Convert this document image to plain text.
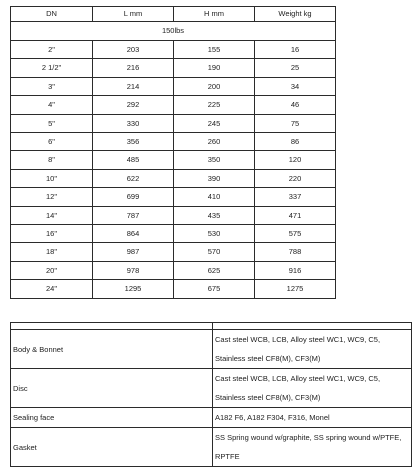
DN	L mm	H mm	Weight kg
150lbs			
2"	203	155	16
2 1/2"	216	190	25
3"	214	200	34
4"	292	225	46
5"	330	245	75
6"	356	260	86
8"	485	350	120
10"	622	390	220
12"	699	410	337
14"	787	435	471
16"	864	530	575
18"	987	570	788
20"	978	625	916
24"	1295	675	1275

Body & Bonnet	Cast steel WCB, LCB, Alloy steel WC1, WC9, C5, Stainless steel CF8(M), CF3(M)
Disc	Cast steel WCB, LCB, Alloy steel WC1, WC9, C5, Stainless steel CF8(M), CF3(M)
Sealing face	A182 F6, A182 F304, F316, Monel
Gasket	SS Spring wound w/graphite, SS spring wound w/PTFE, RPTFE
